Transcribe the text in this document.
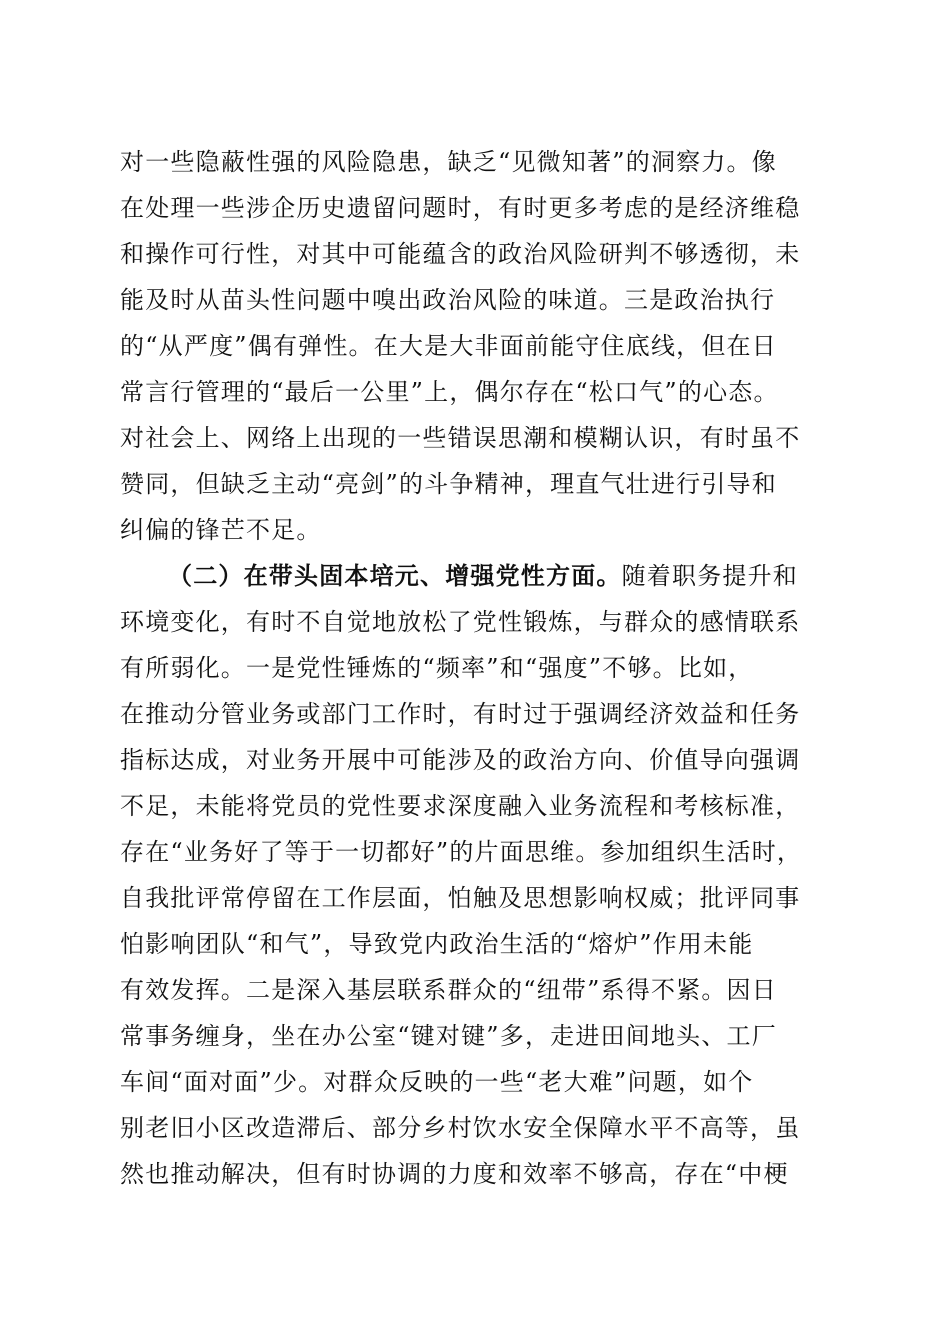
对一些隐蔽性强的风险隐患，缺乏“见微知著”的洞察力。像
在处理一些涉企历史遗留问题时，有时更多考虑的是经济维稳
和操作可行性，对其中可能蕴含的政治风险研判不够透彻，未
能及时从苗头性问题中嗅出政治风险的味道。三是政治执行
的“从严度”偶有弹性。在大是大非面前能守住底线，但在日
常言行管理的“最后一公里”上，偶尔存在“松口气”的心态。
对社会上、网络上出现的一些错误思潮和模糊认识，有时虽不
赞同，但缺乏主动“亮剑”的斗争精神，理直气壮进行引导和
纠偏的锋芒不足。
（二）在带头固本培元、增强党性方面。随着职务提升和
环境变化，有时不自觉地放松了党性锻炼，与群众的感情联系
有所弱化。一是党性锤炼的“频率”和“强度”不够。比如，
在推动分管业务或部门工作时，有时过于强调经济效益和任务
指标达成，对业务开展中可能涉及的政治方向、价值导向强调
不足，未能将党员的党性要求深度融入业务流程和考核标准，
存在“业务好了等于一切都好”的片面思维。参加组织生活时，
自我批评常停留在工作层面，怕触及思想影响权威；批评同事
怕影响团队“和气”，导致党内政治生活的“熔炉”作用未能
有效发挥。二是深入基层联系群众的“纽带”系得不紧。因日
常事务缠身，坐在办公室“键对键”多，走进田间地头、工厂
车间“面对面”少。对群众反映的一些“老大难”问题，如个
别老旧小区改造滞后、部分乡村饮水安全保障水平不高等，虽
然也推动解决，但有时协调的力度和效率不够高，存在“中梗
